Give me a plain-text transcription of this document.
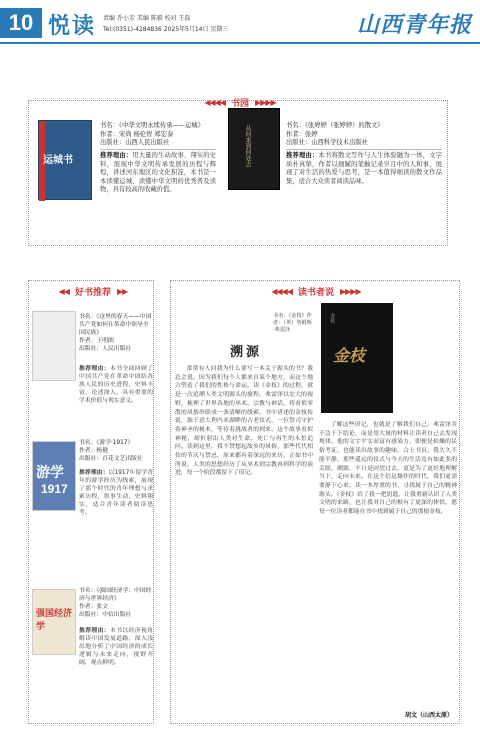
10 悦读 责编 乔小芳 美编 陈毅 校对 王磊
Tel:(0351)-4284836 2025年5月14日 星期三	山西青年报
◀◀◀◀ 书园 ▶▶▶▶
运城书
书名：《中华文明永续传承——运城》
作者：宋尚 杨伦智 郑宏泰
出版社：山西人民出版社
推荐理由：用大量的生动故事、翔实的史料，展现中华文明传承发展的历程与辉煌，讲述河东地区的文化积淀，本书是一本读懂运城、读懂中华文明的优秀普及读物，具有较高的收藏价值。
从何来到何处去	书名：《张婷婷（张婷婷）的散文》
作者：张婷
出版社：山西科学技术出版社
推荐理由：本书将散文写作与人生体验融为一体，文字质朴真挚，作者以细腻的笔触记录岁月中的人和事，展现了对生活的热爱与思考，是一本值得细读的散文作品集，适合大众读者阅读品味。
◀◀ 好书推荐 ▶▶
书名：《这里的春天——中国共产党如何在革命中领导全国民族》
作者：王明朗
出版社：人民出版社
推荐理由：本书全面回顾了中国共产党在革命中团结各族人民的历史进程，史料丰富，论述深入，具有重要的学术价值与现实意义。
游学
1917
书名：《游学·1917》
作者：杨健
出版社：百花文艺出版社
推荐理由：以1917年留学青年的游学经历为线索，展现了那个时代的青年理想与求索历程，叙事生动，史料翔实，适合青年读者阅读思考。
强国经济学
书名：《强国经济学：中国经济与世界经济》
作者：张文
出版社：中信出版社
推荐理由：本书以经济视角解读中国发展道路，深入浅出地分析了中国经济的成长逻辑与未来走向，视野开阔，观点鲜明。
◀◀◀◀ 读书者说 ▶▶▶▶
溯源
书名：《金枝》作者：（英）詹姆斯·弗雷泽
金枝
金枝
常常有人问我为什么要写一本关于源头的书？我总会说，因为我们每个人都来自某个地方，而这个地方塑造了我们的性格与命运。读《金枝》的过程，就是一次追溯人类文明源头的旅程。弗雷泽以宏大的视野，梳理了世界各地的巫术、宗教与神话，将看似零散的风俗串联成一条清晰的线索。书中讲述的金枝传说，源于意大利内米湖畔的古老仪式，一位祭司守护着神圣的树木，等待着挑战者的到来。这个故事看似神秘，却折射出人类对生命、死亡与再生的永恒追问。读到这里，我不禁想起故乡的风俗，那些代代相传的节庆与禁忌，原来都有着深远的来历。正如书中所说，人类的思想经历了从巫术到宗教再到科学的演进，每一个阶段都留下了印记。
了解这些印记，也就是了解我们自己。弗雷泽并不急于下结论，而是用大量的材料让读者自己去发现规律。他的文字平实而富有感染力，即便是枯燥的民俗考证，也能读出故事的趣味。合上书页，我久久不能平静，那些遥远的仪式与今天的生活竟有如此多的关联。溯源，不只是回望过去，更是为了更好地理解当下、走向未来。在这个信息爆炸的时代，我们更需要静下心来，读一本厚重的书，寻找属于自己的精神源头。《金枝》给了我一把钥匙，让我重新认识了人类文明的来路，也让我对自己的根有了更深的体悟。愿每一位读者都能在书中找到属于自己的那根金枝。
胡文（山西太原）
